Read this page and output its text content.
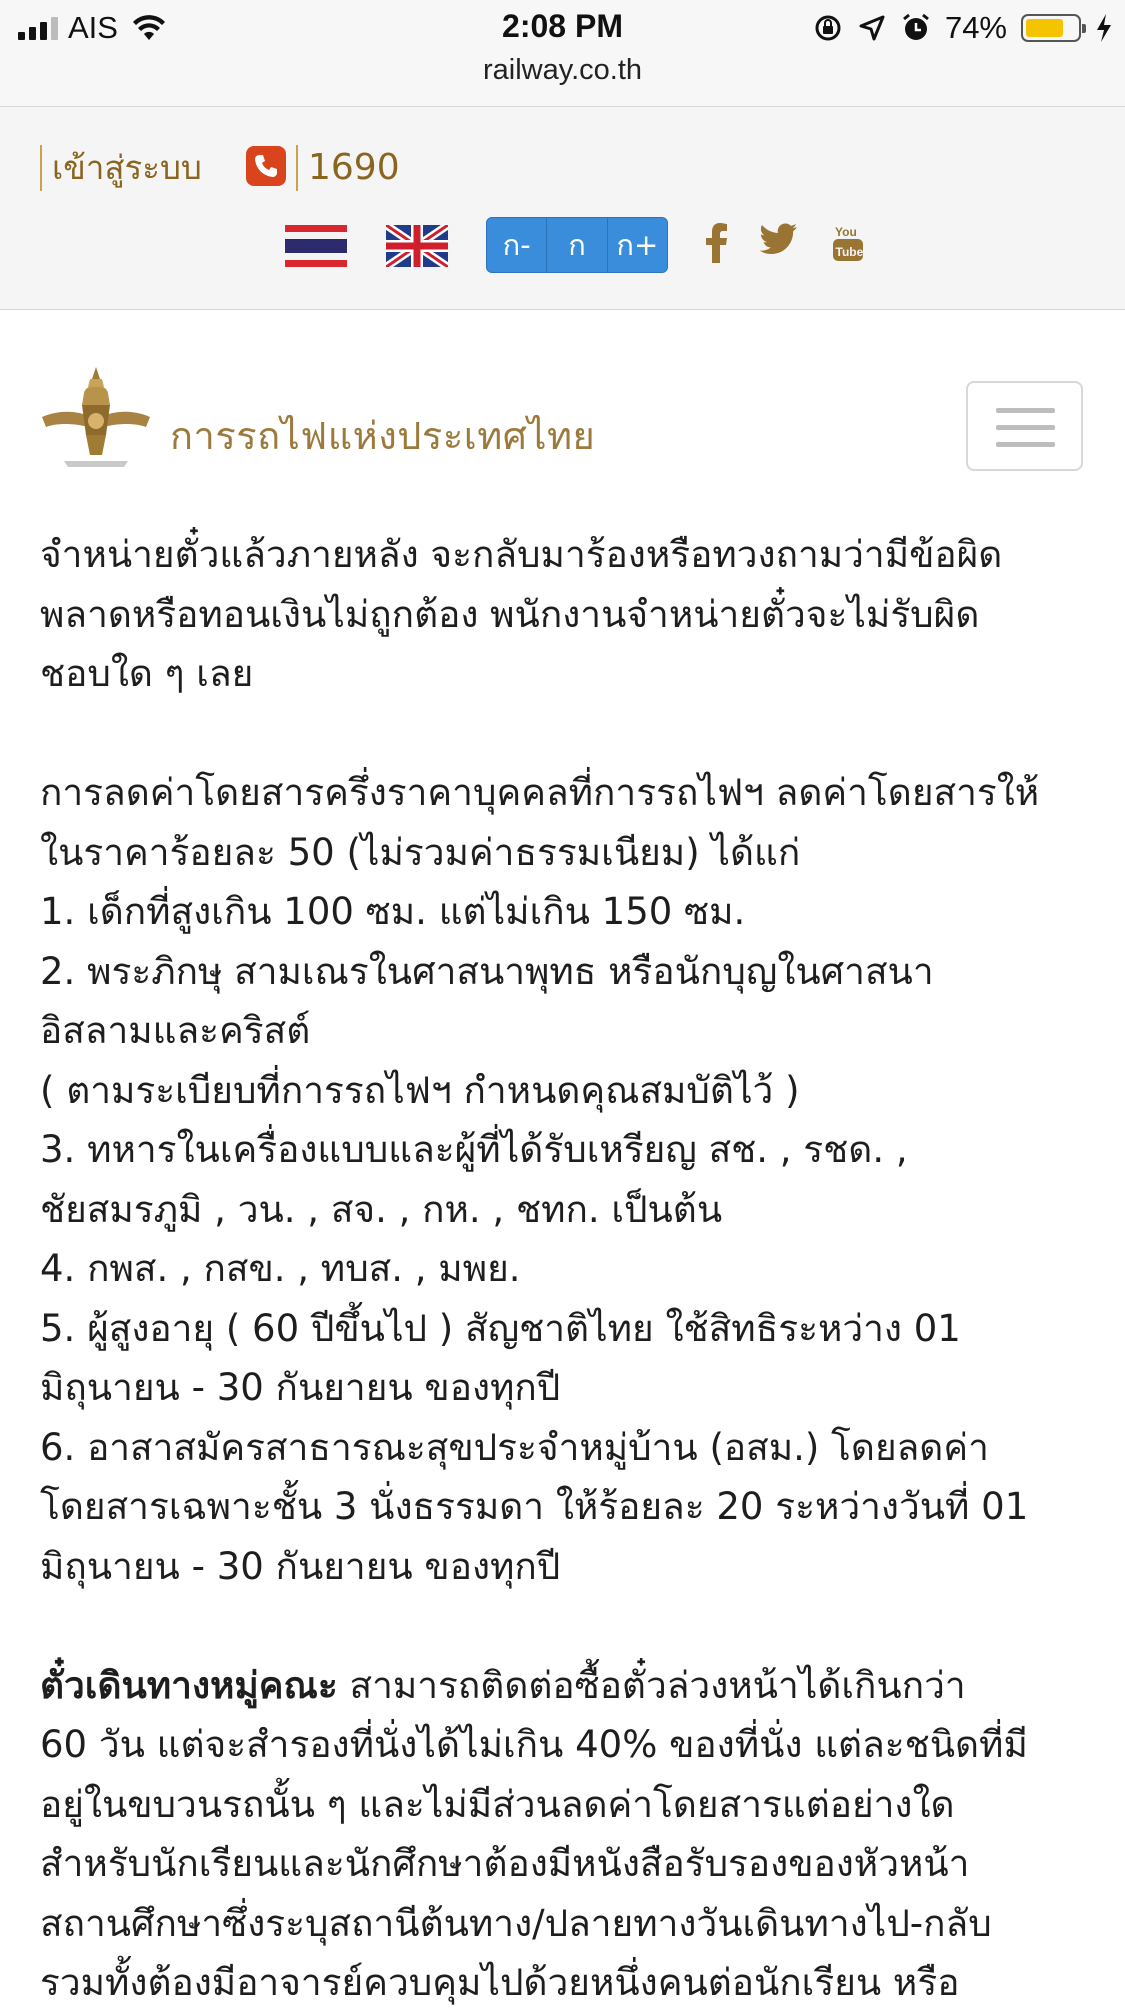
AIS	2:08 PM
railway.co.th
74%
เข้าสู่ระบบ	1690
ก-	ก	ก+	You
Tube
การรถไฟแห่งประเทศไทย

จำหน่ายตั๋วแล้วภายหลัง จะกลับมาร้องหรือทวงถามว่ามีข้อผิด

พลาดหรือทอนเงินไม่ถูกต้อง พนักงานจำหน่ายตั๋วจะไม่รับผิด

ชอบใด ๆ เลย

การลดค่าโดยสารครึ่งราคาบุคคลที่การรถไฟฯ ลดค่าโดยสารให้

ในราคาร้อยละ 50 (ไม่รวมค่าธรรมเนียม) ได้แก่

1. เด็กที่สูงเกิน 100 ซม. แต่ไม่เกิน 150 ซม.

2. พระภิกษุ สามเณรในศาสนาพุทธ หรือนักบุญในศาสนา

อิสลามและคริสต์

( ตามระเบียบที่การรถไฟฯ กำหนดคุณสมบัติไว้ )

3. ทหารในเครื่องแบบและผู้ที่ได้รับเหรียญ สช. , รชด. ,

ชัยสมรภูมิ , วน. , สจ. , กห. , ชทก. เป็นต้น

4. กพส. , กสข. , ทบส. , มพย.

5. ผู้สูงอายุ ( 60 ปีขึ้นไป ) สัญชาติไทย ใช้สิทธิระหว่าง 01

มิถุนายน - 30 กันยายน ของทุกปี

6. อาสาสมัครสาธารณะสุขประจำหมู่บ้าน (อสม.) โดยลดค่า

โดยสารเฉพาะชั้น 3 นั่งธรรมดา ให้ร้อยละ 20 ระหว่างวันที่ 01

มิถุนายน - 30 กันยายน ของทุกปี

ตั๋วเดินทางหมู่คณะ สามารถติดต่อซื้อตั๋วล่วงหน้าได้เกินกว่า

60 วัน แต่จะสำรองที่นั่งได้ไม่เกิน 40% ของที่นั่ง แต่ละชนิดที่มี

อยู่ในขบวนรถนั้น ๆ และไม่มีส่วนลดค่าโดยสารแต่อย่างใด

สำหรับนักเรียนและนักศึกษาต้องมีหนังสือรับรองของหัวหน้า

สถานศึกษาซึ่งระบุสถานีต้นทาง/ปลายทางวันเดินทางไป-กลับ

รวมทั้งต้องมีอาจารย์ควบคุมไปด้วยหนึ่งคนต่อนักเรียน หรือ
